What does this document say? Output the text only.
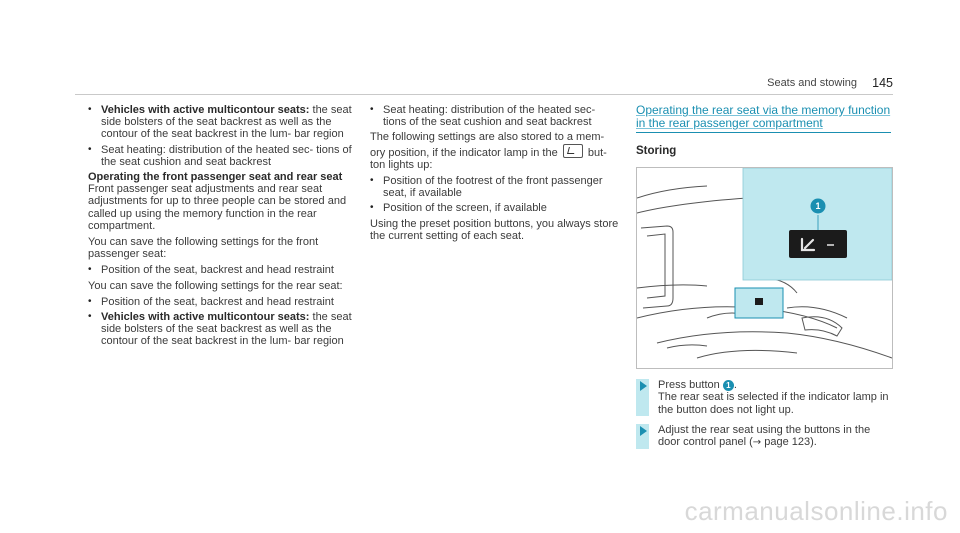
Seats and stowing 145
• Vehicles with active multicontour seats: the seat side bolsters of the seat backrest as well as the contour of the seat backrest in the lum- bar region
• Seat heating: distribution of the heated sec- tions of the seat cushion and seat backrest
Operating the front passenger seat and rear seat

Front passenger seat adjustments and rear seat adjustments for up to three people can be stored and called up using the memory function in the rear compartment.

You can save the following settings for the front passenger seat:

• Position of the seat, backrest and head restraint

You can save the following settings for the rear seat:

• Position of the seat, backrest and head restraint
• Vehicles with active multicontour seats: the seat side bolsters of the seat backrest as well as the contour of the seat backrest in the lum- bar region
• Seat heating: distribution of the heated sec- tions of the seat cushion and seat backrest

The following settings are also stored to a mem- ory position, if the indicator lamp in the	but- ton lights up:

• Position of the footrest of the front passenger seat, if available
• Position of the screen, if available

Using the preset position buttons, you always store the current setting of each seat.

Operating the rear seat via the memory function in the rear passenger compartment
Storing
1
Press button 1 .
The rear seat is selected if the indicator lamp in the button does not light up.
Adjust the rear seat using the buttons in the door control panel (→ page 123).
carmanualsonline.info
